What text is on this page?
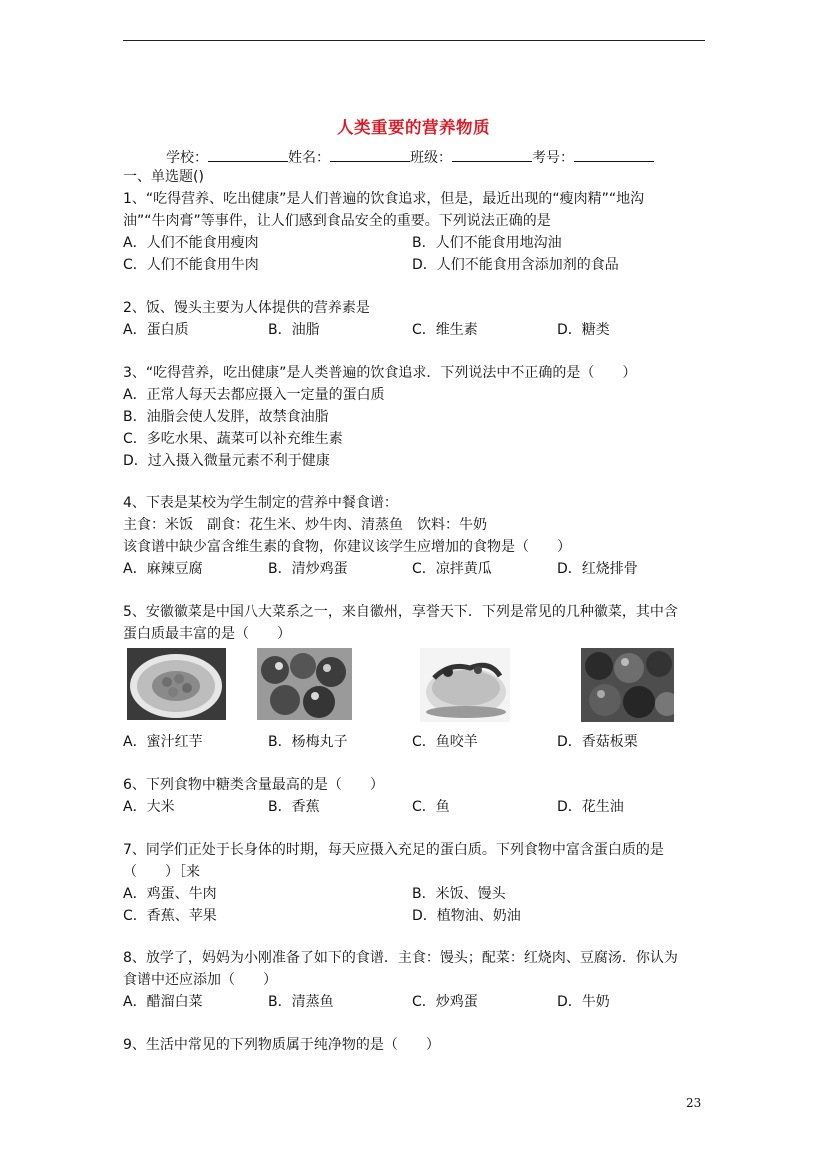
人类重要的营养物质
学校：	姓名：	班级：	考号：
一、单选题()
1、“吃得营养、吃出健康”是人们普遍的饮食追求，但是，最近出现的“瘦肉精”“地沟
油”“牛肉膏”等事件，让人们感到食品安全的重要。下列说法正确的是
A．人们不能食用瘦肉	B．人们不能食用地沟油
C．人们不能食用牛肉	D．人们不能食用含添加剂的食品
2、饭、馒头主要为人体提供的营养素是
A．蛋白质	B．油脂	C．维生素	D．糖类
3、“吃得营养，吃出健康”是人类普遍的饮食追求．下列说法中不正确的是（　　）
A．正常人每天去都应摄入一定量的蛋白质
B．油脂会使人发胖，故禁食油脂
C．多吃水果、蔬菜可以补充维生素
D．过入摄入微量元素不利于健康
4、下表是某校为学生制定的营养中餐食谱：
主食：米饭　副食：花生米、炒牛肉、清蒸鱼　饮料：牛奶
该食谱中缺少富含维生素的食物，你建议该学生应增加的食物是（　　）
A．麻辣豆腐	B．清炒鸡蛋	C．凉拌黄瓜	D．红烧排骨
5、安徽徽菜是中国八大菜系之一，来自徽州，享誉天下．下列是常见的几种徽菜，其中含
蛋白质最丰富的是（　　）
A．蜜汁红芋	B．杨梅丸子	C．鱼咬羊	D．香菇板栗
6、下列食物中糖类含量最高的是（　　）
A．大米	B．香蕉	C．鱼	D．花生油
7、同学们正处于长身体的时期，每天应摄入充足的蛋白质。下列食物中富含蛋白质的是
（　　）［来
A．鸡蛋、牛肉	B．米饭、馒头
C．香蕉、苹果	D．植物油、奶油
8、放学了，妈妈为小刚准备了如下的食谱．主食：馒头；配菜：红烧肉、豆腐汤．你认为
食谱中还应添加（　　）
A．醋溜白菜	B．清蒸鱼	C．炒鸡蛋	D．牛奶
9、生活中常见的下列物质属于纯净物的是（　　）
23
